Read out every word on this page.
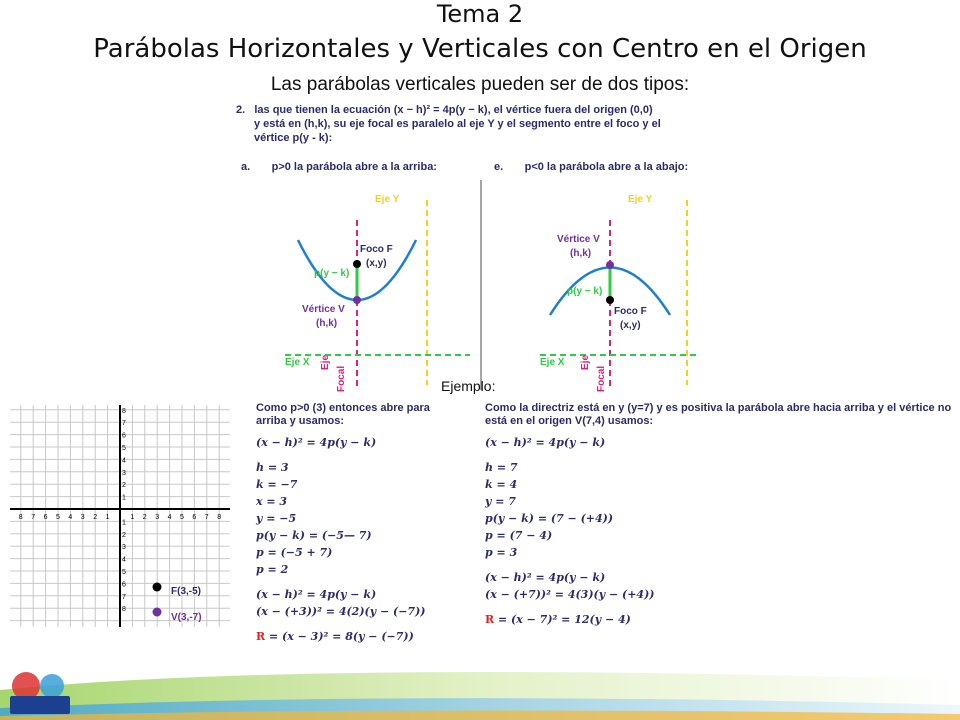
Tema 2
Parábolas Horizontales y Verticales con Centro en el Origen
Las parábolas verticales pueden ser de dos tipos:
2. las que tienen la ecuación (x − h)² = 4p(y − k), el vértice fuera del origen (0,0)
y está en (h,k), su eje focal es paralelo al eje Y y el segmento entre el foco y el
vértice p(y - k):
a. p>0 la parábola abre a la arriba:	e. p<0 la parábola abre a la abajo:
Eje Y
Foco F
(x,y)
p(y − k)
Vértice V
(h,k)
Eje X Eje
Focal
Eje Y
Vértice V
(h,k)
p(y − k)
Foco F
(x,y)
Eje X Eje
Focal
Ejemplo:
8 7 6 5 4 3 2 1	1 2 3 4 5 6 7 8
8
7
6
5
4
3
2
1
1
2
3
4
5
6
7
8
F(3,-5)
V(3,-7)
Como p>0 (3) entonces abre para arriba y usamos:
(x − h)² = 4p(y − k)
h = 3
k = −7
x = 3
y = −5
p(y − k) = (−5— 7)
p = (−5 + 7)
p = 2
(x − h)² = 4p(y − k)
(x − (+3))² = 4(2)(y − (−7))
R = (x − 3)² = 8(y − (−7))
Como la directriz está en y (y=7) y es positiva la parábola abre hacia arriba y el vértice no está en el origen V(7,4) usamos:
(x − h)² = 4p(y − k)
h = 7
k = 4
y = 7
p(y − k) = (7 − (+4))
p = (7 − 4)
p = 3
(x − h)² = 4p(y − k)
(x − (+7))² = 4(3)(y − (+4))
R = (x − 7)² = 12(y − 4)
